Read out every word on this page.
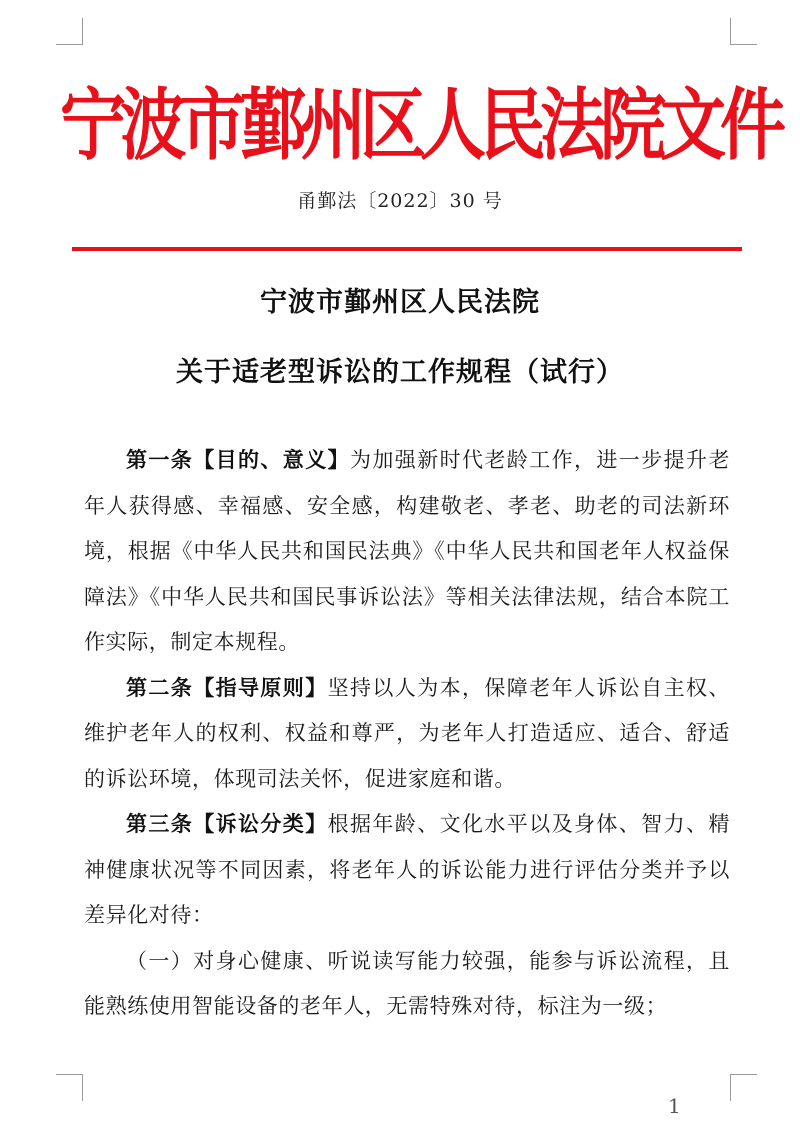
宁波市鄞州区人民法院文件
甬鄞法〔2022〕30 号
宁波市鄞州区人民法院
关于适老型诉讼的工作规程（试行）

第一条【目的、意义】为加强新时代老龄工作，进一步提升老年人获得感、幸福感、安全感，构建敬老、孝老、助老的司法新环境，根据《中华人民共和国民法典》《中华人民共和国老年人权益保障法》《中华人民共和国民事诉讼法》等相关法律法规，结合本院工作实际，制定本规程。

第二条【指导原则】坚持以人为本，保障老年人诉讼自主权、维护老年人的权利、权益和尊严，为老年人打造适应、适合、舒适的诉讼环境，体现司法关怀，促进家庭和谐。

第三条【诉讼分类】根据年龄、文化水平以及身体、智力、精神健康状况等不同因素，将老年人的诉讼能力进行评估分类并予以差异化对待：

（一）对身心健康、听说读写能力较强，能参与诉讼流程，且能熟练使用智能设备的老年人，无需特殊对待，标注为一级；

1
